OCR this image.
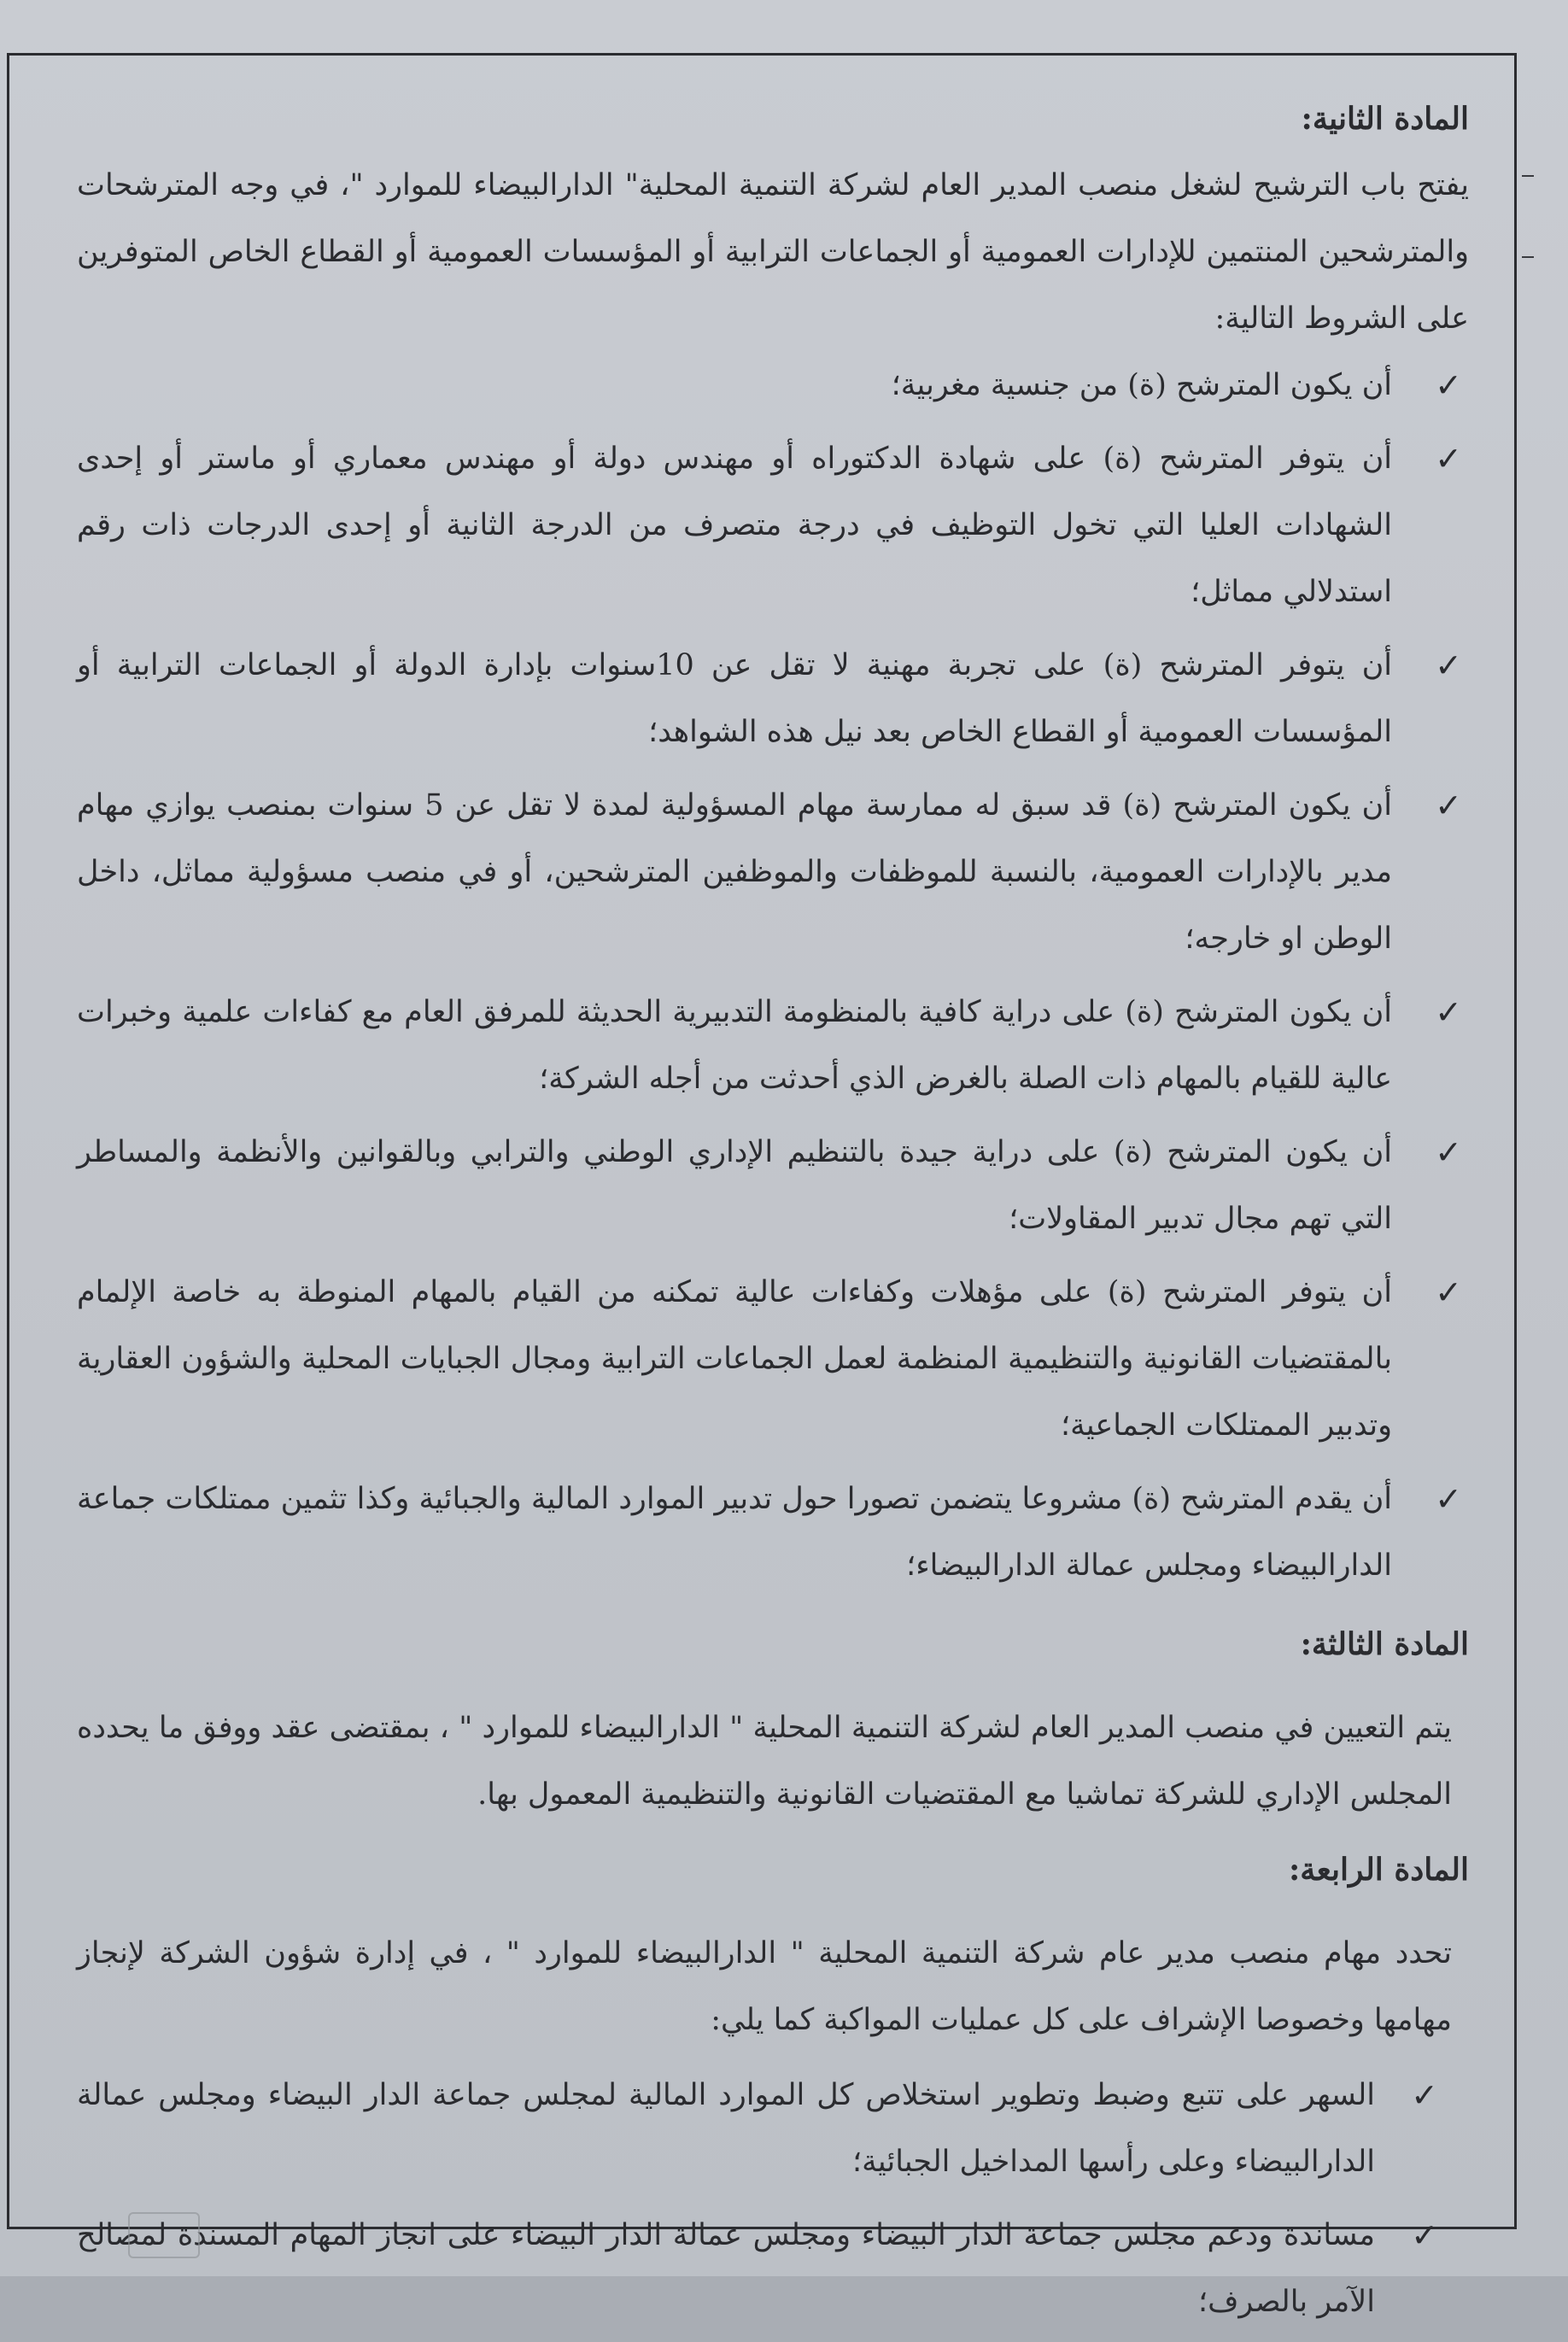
المادة الثانية:

يفتح باب الترشيح لشغل منصب المدير العام لشركة التنمية المحلية" الدارالبيضاء للموارد "، في وجه المترشحات والمترشحين المنتمين للإدارات العمومية أو الجماعات الترابية أو المؤسسات العمومية أو القطاع الخاص المتوفرين على الشروط التالية:

✓
أن يكون المترشح (ة) من جنسية مغربية؛
✓
أن يتوفر المترشح (ة) على شهادة الدكتوراه أو مهندس دولة أو مهندس معماري أو ماستر أو إحدى الشهادات العليا التي تخول التوظيف في درجة متصرف من الدرجة الثانية أو إحدى الدرجات ذات رقم استدلالي مماثل؛
✓
أن يتوفر المترشح (ة) على تجربة مهنية لا تقل عن 10سنوات بإدارة الدولة أو الجماعات الترابية أو المؤسسات العمومية أو القطاع الخاص بعد نيل هذه الشواهد؛
✓
أن يكون المترشح (ة) قد سبق له ممارسة مهام المسؤولية لمدة لا تقل عن 5 سنوات بمنصب يوازي مهام مدير بالإدارات العمومية، بالنسبة للموظفات والموظفين المترشحين، أو في منصب مسؤولية مماثل، داخل الوطن او خارجه؛
✓
أن يكون المترشح (ة) على دراية كافية بالمنظومة التدبيرية الحديثة للمرفق العام مع كفاءات علمية وخبرات عالية للقيام بالمهام ذات الصلة بالغرض الذي أحدثت من أجله الشركة؛
✓
أن يكون المترشح (ة) على دراية جيدة بالتنظيم الإداري الوطني والترابي وبالقوانين والأنظمة والمساطر التي تهم مجال تدبير المقاولات؛
✓
أن يتوفر المترشح (ة) على مؤهلات وكفاءات عالية تمكنه من القيام بالمهام المنوطة به خاصة الإلمام بالمقتضيات القانونية والتنظيمية المنظمة لعمل الجماعات الترابية ومجال الجبايات المحلية والشؤون العقارية وتدبير الممتلكات الجماعية؛
✓
أن يقدم المترشح (ة) مشروعا يتضمن تصورا حول تدبير الموارد المالية والجبائية وكذا تثمين ممتلكات جماعة الدارالبيضاء ومجلس عمالة الدارالبيضاء؛
المادة الثالثة:

يتم التعيين في منصب المدير العام لشركة التنمية المحلية " الدارالبيضاء للموارد " ، بمقتضى عقد ووفق ما يحدده المجلس الإداري للشركة تماشيا مع المقتضيات القانونية والتنظيمية المعمول بها.

المادة الرابعة:

تحدد مهام منصب مدير عام شركة التنمية المحلية " الدارالبيضاء للموارد " ، في إدارة شؤون الشركة لإنجاز مهامها وخصوصا الإشراف على كل عمليات المواكبة كما يلي:

✓
السهر على تتبع وضبط وتطوير استخلاص كل الموارد المالية لمجلس جماعة الدار البيضاء ومجلس عمالة الدارالبيضاء وعلى رأسها المداخيل الجبائية؛
✓
مساندة ودعم مجلس جماعة الدار البيضاء ومجلس عمالة الدار البيضاء على انجاز المهام المسندة لمصالح الآمر بالصرف؛
